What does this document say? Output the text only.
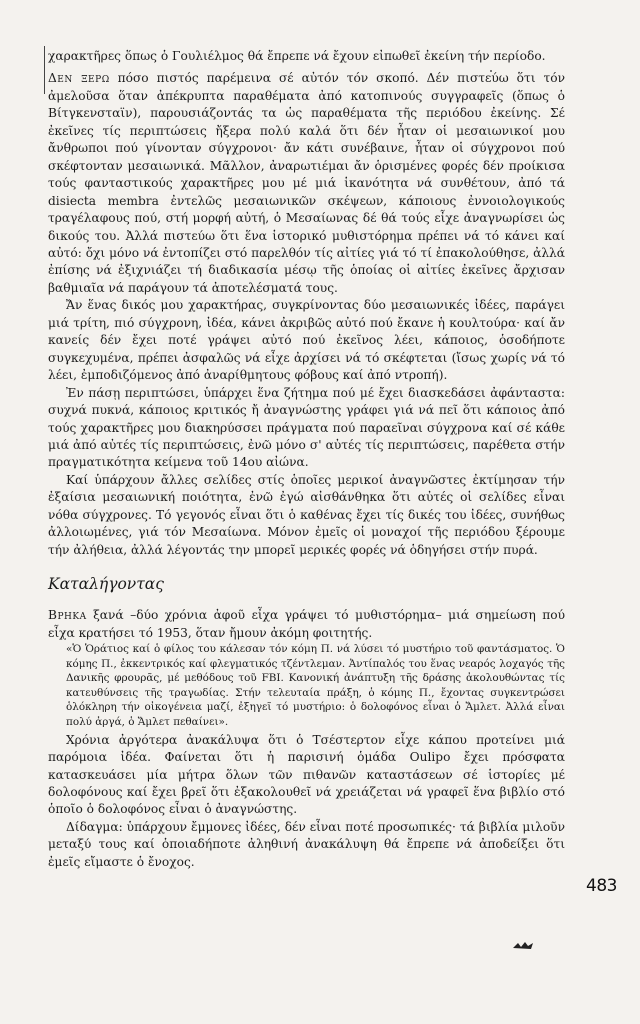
χαρακτῆρες ὅπως ὁ Γουλιέλμος θά ἔπρεπε νά ἔχουν εἰπωθεῖ ἐκείνη τήν περίοδο.

Δεν ξερω πόσο πιστός παρέμεινα σέ αὐτόν τόν σκοπό. Δέν πιστεύω ὅτι τόν ἀμελοῦσα ὅταν ἀπέκρυπτα παραθέματα ἀπό κατοπινούς συγγραφεῖς (ὅπως ὁ Βίτγκενσταϊν), παρουσιάζοντάς τα ὡς παραθέματα τῆς περιόδου ἐκείνης. Σέ ἐκεῖνες τίς περιπτώσεις ἤξερα πολύ καλά ὅτι δέν ἦταν οἱ μεσαιωνικοί μου ἄνθρωποι πού γίνονταν σύγχρονοι· ἄν κάτι συνέβαινε, ἦταν οἱ σύγχρονοι πού σκέφτονταν μεσαιωνικά. Μᾶλλον, ἀναρωτιέμαι ἄν ὁρισμένες φορές δέν προίκισα τούς φανταστικούς χαρακτῆρες μου μέ μιά ἱκανότητα νά συνθέτουν, ἀπό τά disiecta membra ἐντελῶς μεσαιωνικῶν σκέψεων, κάποιους ἐννοιολογικούς τραγέλαφους πού, στή μορφή αὐτή, ὁ Μεσαίωνας δέ θά τούς εἶχε ἀναγνωρίσει ὡς δικούς του. Ἀλλά πιστεύω ὅτι ἕνα ἱστορικό μυθιστόρημα πρέπει νά τό κάνει καί αὐτό: ὄχι μόνο νά ἐντοπίζει στό παρελθόν τίς αἰτίες γιά τό τί ἐπακολούθησε, ἀλλά ἐπίσης νά ἐξιχνιάζει τή διαδικασία μέσῳ τῆς ὁποίας οἱ αἰτίες ἐκεῖνες ἄρχισαν βαθμιαῖα νά παράγουν τά ἀποτελέσματά τους.

Ἄν ἕνας δικός μου χαρακτήρας, συγκρίνοντας δύο μεσαιωνικές ἰδέες, παράγει μιά τρίτη, πιό σύγχρονη, ἰδέα, κάνει ἀκριβῶς αὐτό πού ἔκανε ἡ κουλτούρα· καί ἄν κανείς δέν ἔχει ποτέ γράψει αὐτό πού ἐκεῖνος λέει, κάποιος, ὁσοδήποτε συγκεχυμένα, πρέπει ἀσφαλῶς νά εἶχε ἀρχίσει νά τό σκέφτεται (ἴσως χωρίς νά τό λέει, ἐμποδιζόμενος ἀπό ἀναρίθμητους φόβους καί ἀπό ντροπή).

Ἐν πάσῃ περιπτώσει, ὑπάρχει ἕνα ζήτημα πού μέ ἔχει διασκεδάσει ἀφάνταστα: συχνά πυκνά, κάποιος κριτικός ἤ ἀναγνώστης γράφει γιά νά πεῖ ὅτι κάποιος ἀπό τούς χαρακτῆρες μου διακηρύσσει πράγματα πού παραεῖναι σύγχρονα καί σέ κάθε μιά ἀπό αὐτές τίς περιπτώσεις, ἐνῶ μόνο σ' αὐτές τίς περιπτώσεις, παρέθετα στήν πραγματικότητα κείμενα τοῦ 14ου αἰώνα.

Καί ὑπάρχουν ἄλλες σελίδες στίς ὁποῖες μερικοί ἀναγνῶστες ἐκτίμησαν τήν ἐξαίσια μεσαιωνική ποιότητα, ἐνῶ ἐγώ αἰσθάνθηκα ὅτι αὐτές οἱ σελίδες εἶναι νόθα σύγχρονες. Τό γεγονός εἶναι ὅτι ὁ καθένας ἔχει τίς δικές του ἰδέες, συνήθως ἀλλοιωμένες, γιά τόν Μεσαίωνα. Μόνον ἐμεῖς οἱ μοναχοί τῆς περιόδου ξέρουμε τήν ἀλήθεια, ἀλλά λέγοντάς την μπορεῖ μερικές φορές νά ὁδηγήσει στήν πυρά.

Καταλήγοντας

Βρηκα ξανά –δύο χρόνια ἀφοῦ εἶχα γράψει τό μυθιστόρημα– μιά σημείωση πού εἶχα κρατήσει τό 1953, ὅταν ἤμουν ἀκόμη φοιτητής.

«Ὁ Ὁράτιος καί ὁ φίλος του κάλεσαν τόν κόμη Π. νά λύσει τό μυστήριο τοῦ φαντάσματος. Ὁ κόμης Π., ἐκκεντρικός καί φλεγματικός τζέντλεμαν. Ἀντίπαλός του ἕνας νεαρός λοχαγός τῆς Δανικῆς φρουρᾶς, μέ μεθόδους τοῦ FBI. Κανονική ἀνάπτυξη τῆς δράσης ἀκολουθώντας τίς κατευθύνσεις τῆς τραγωδίας. Στήν τελευταία πράξη, ὁ κόμης Π., ἔχοντας συγκεντρώσει ὁλόκληρη τήν οἰκογένεια μαζί, ἐξηγεῖ τό μυστήριο: ὁ δολοφόνος εἶναι ὁ Ἄμλετ. Ἀλλά εἶναι πολύ ἀργά, ὁ Ἄμλετ πεθαίνει».

Χρόνια ἀργότερα ἀνακάλυψα ὅτι ὁ Τσέστερτον εἶχε κάπου προτείνει μιά παρόμοια ἰδέα. Φαίνεται ὅτι ἡ παρισινή ὁμάδα Oulipo ἔχει πρόσφατα κατασκευάσει μία μήτρα ὅλων τῶν πιθανῶν καταστάσεων σέ ἱστορίες μέ δολοφόνους καί ἔχει βρεῖ ὅτι ἐξακολουθεῖ νά χρειάζεται νά γραφεῖ ἕνα βιβλίο στό ὁποῖο ὁ δολοφόνος εἶναι ὁ ἀναγνώστης.

Δίδαγμα: ὑπάρχουν ἔμμονες ἰδέες, δέν εἶναι ποτέ προσωπικές· τά βιβλία μιλοῦν μεταξύ τους καί ὁποιαδήποτε ἀληθινή ἀνακάλυψη θά ἔπρεπε νά ἀποδείξει ὅτι ἐμεῖς εἴμαστε ὁ ἔνοχος.

483
